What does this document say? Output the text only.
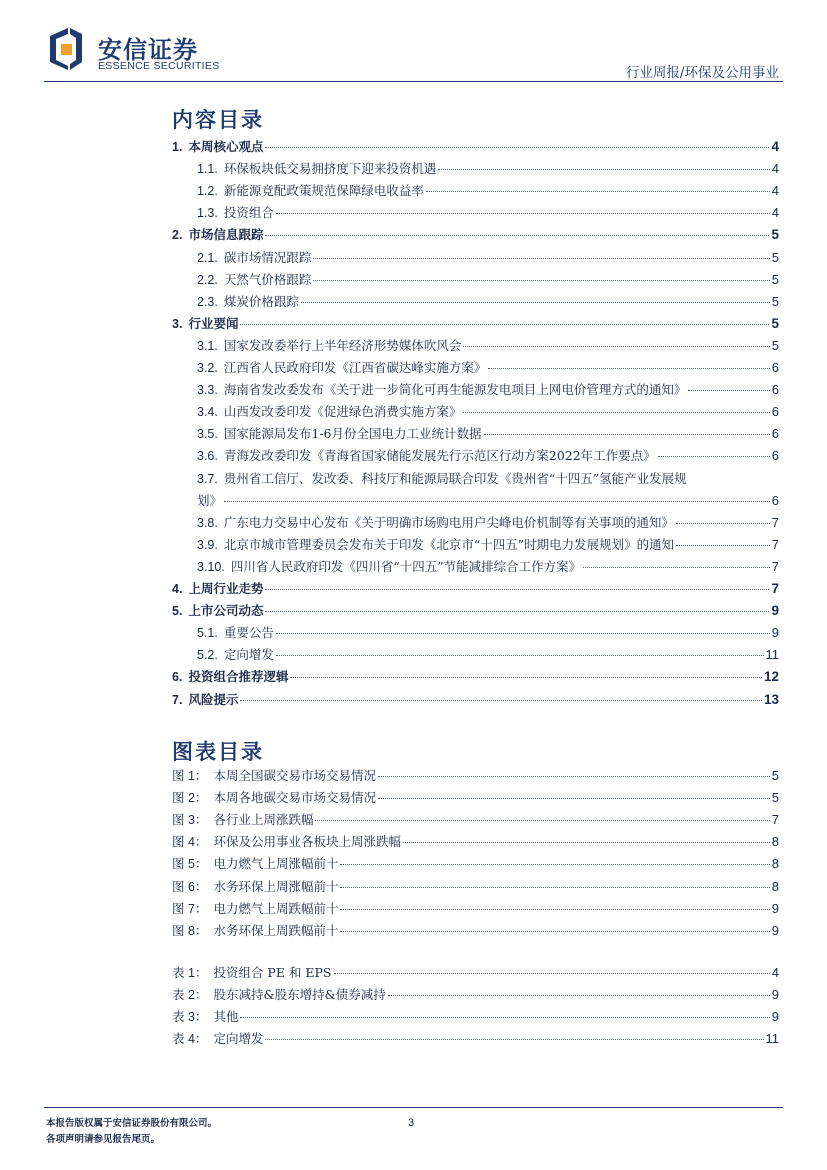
安信证券
ESSENCE SECURITIES	行业周报/环保及公用事业
内容目录
1. 本周核心观点	4
1.1. 环保板块低交易拥挤度下迎来投资机遇	4
1.2. 新能源竞配政策规范保障绿电收益率	4
1.3. 投资组合	4
2. 市场信息跟踪	5
2.1. 碳市场情况跟踪	5
2.2. 天然气价格跟踪	5
2.3. 煤炭价格跟踪	5
3. 行业要闻	5
3.1. 国家发改委举行上半年经济形势媒体吹风会	5
3.2. 江西省人民政府印发《江西省碳达峰实施方案》	6
3.3. 海南省发改委发布《关于进一步简化可再生能源发电项目上网电价管理方式的通知》	6
3.4. 山西发改委印发《促进绿色消费实施方案》	6
3.5. 国家能源局发布1-6月份全国电力工业统计数据	6
3.6. 青海发改委印发《青海省国家储能发展先行示范区行动方案2022年工作要点》	6
3.7. 贵州省工信厅、发改委、科技厅和能源局联合印发《贵州省“十四五”氢能产业发展规
划》	6
3.8. 广东电力交易中心发布《关于明确市场购电用户尖峰电价机制等有关事项的通知》	7
3.9. 北京市城市管理委员会发布关于印发《北京市“十四五”时期电力发展规划》的通知	7
3.10. 四川省人民政府印发《四川省“十四五”节能减排综合工作方案》	7
4. 上周行业走势	7
5. 上市公司动态	9
5.1. 重要公告	9
5.2. 定向增发	11
6. 投资组合推荐逻辑	12
7. 风险提示	13
图表目录
图 1： 本周全国碳交易市场交易情况	5
图 2： 本周各地碳交易市场交易情况	5
图 3： 各行业上周涨跌幅	7
图 4： 环保及公用事业各板块上周涨跌幅	8
图 5： 电力燃气上周涨幅前十	8
图 6： 水务环保上周涨幅前十	8
图 7： 电力燃气上周跌幅前十	9
图 8： 水务环保上周跌幅前十	9
表 1： 投资组合 PE 和 EPS	4
表 2： 股东减持&股东增持&债券减持	9
表 3： 其他	9
表 4： 定向增发	11
本报告版权属于安信证券股份有限公司。
各项声明请参见报告尾页。
3
